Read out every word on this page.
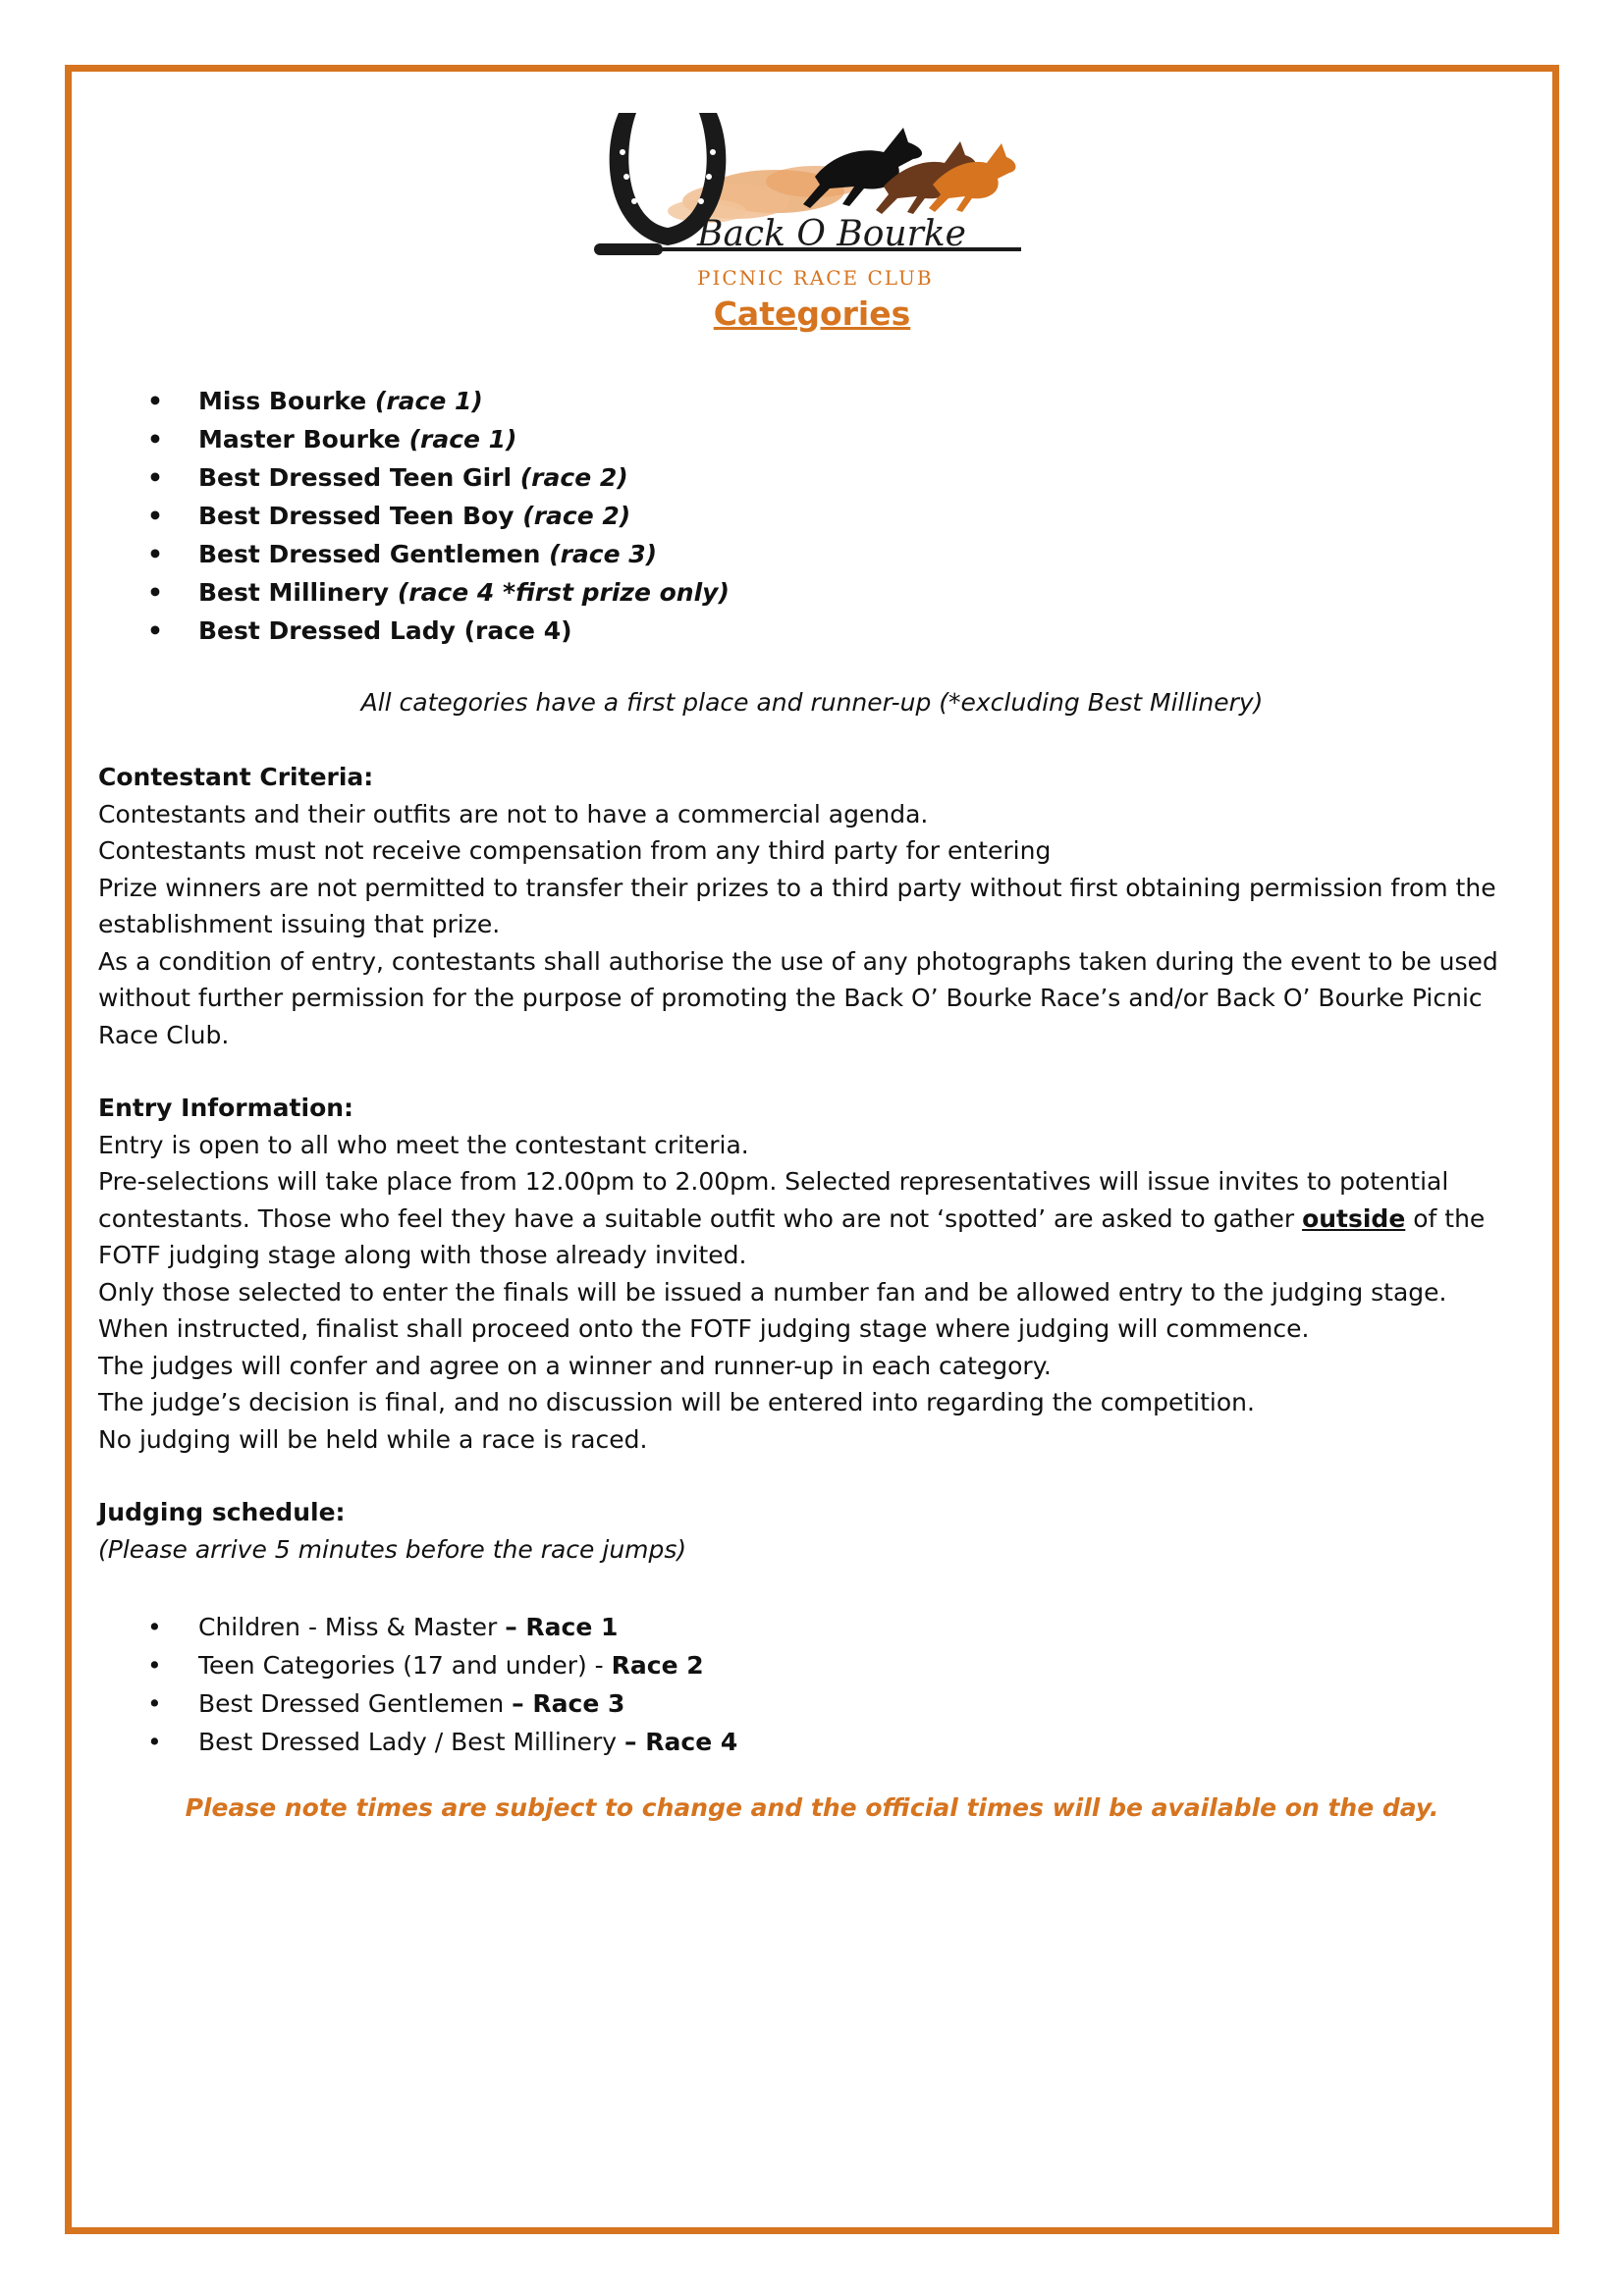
Back O Bourke
PICNIC RACE CLUB
Categories
• Miss Bourke (race 1)
• Master Bourke (race 1)
• Best Dressed Teen Girl (race 2)
• Best Dressed Teen Boy (race 2)
• Best Dressed Gentlemen (race 3)
• Best Millinery (race 4 *first prize only)
• Best Dressed Lady (race 4)
All categories have a first place and runner-up (*excluding Best Millinery)

Contestant Criteria:

Contestants and their outfits are not to have a commercial agenda.

Contestants must not receive compensation from any third party for entering

Prize winners are not permitted to transfer their prizes to a third party without first obtaining permission from the establishment issuing that prize.

As a condition of entry, contestants shall authorise the use of any photographs taken during the event to be used without further permission for the purpose of promoting the Back O’ Bourke Race’s and/or Back O’ Bourke Picnic Race Club.

Entry Information:

Entry is open to all who meet the contestant criteria.

Pre-selections will take place from 12.00pm to 2.00pm. Selected representatives will issue invites to potential contestants. Those who feel they have a suitable outfit who are not ‘spotted’ are asked to gather outside of the FOTF judging stage along with those already invited.

Only those selected to enter the finals will be issued a number fan and be allowed entry to the judging stage.

When instructed, finalist shall proceed onto the FOTF judging stage where judging will commence.

The judges will confer and agree on a winner and runner-up in each category.

The judge’s decision is final, and no discussion will be entered into regarding the competition.

No judging will be held while a race is raced.

Judging schedule:

(Please arrive 5 minutes before the race jumps)

• Children - Miss & Master – Race 1
• Teen Categories (17 and under) - Race 2
• Best Dressed Gentlemen – Race 3
• Best Dressed Lady / Best Millinery – Race 4
Please note times are subject to change and the official times will be available on the day.
